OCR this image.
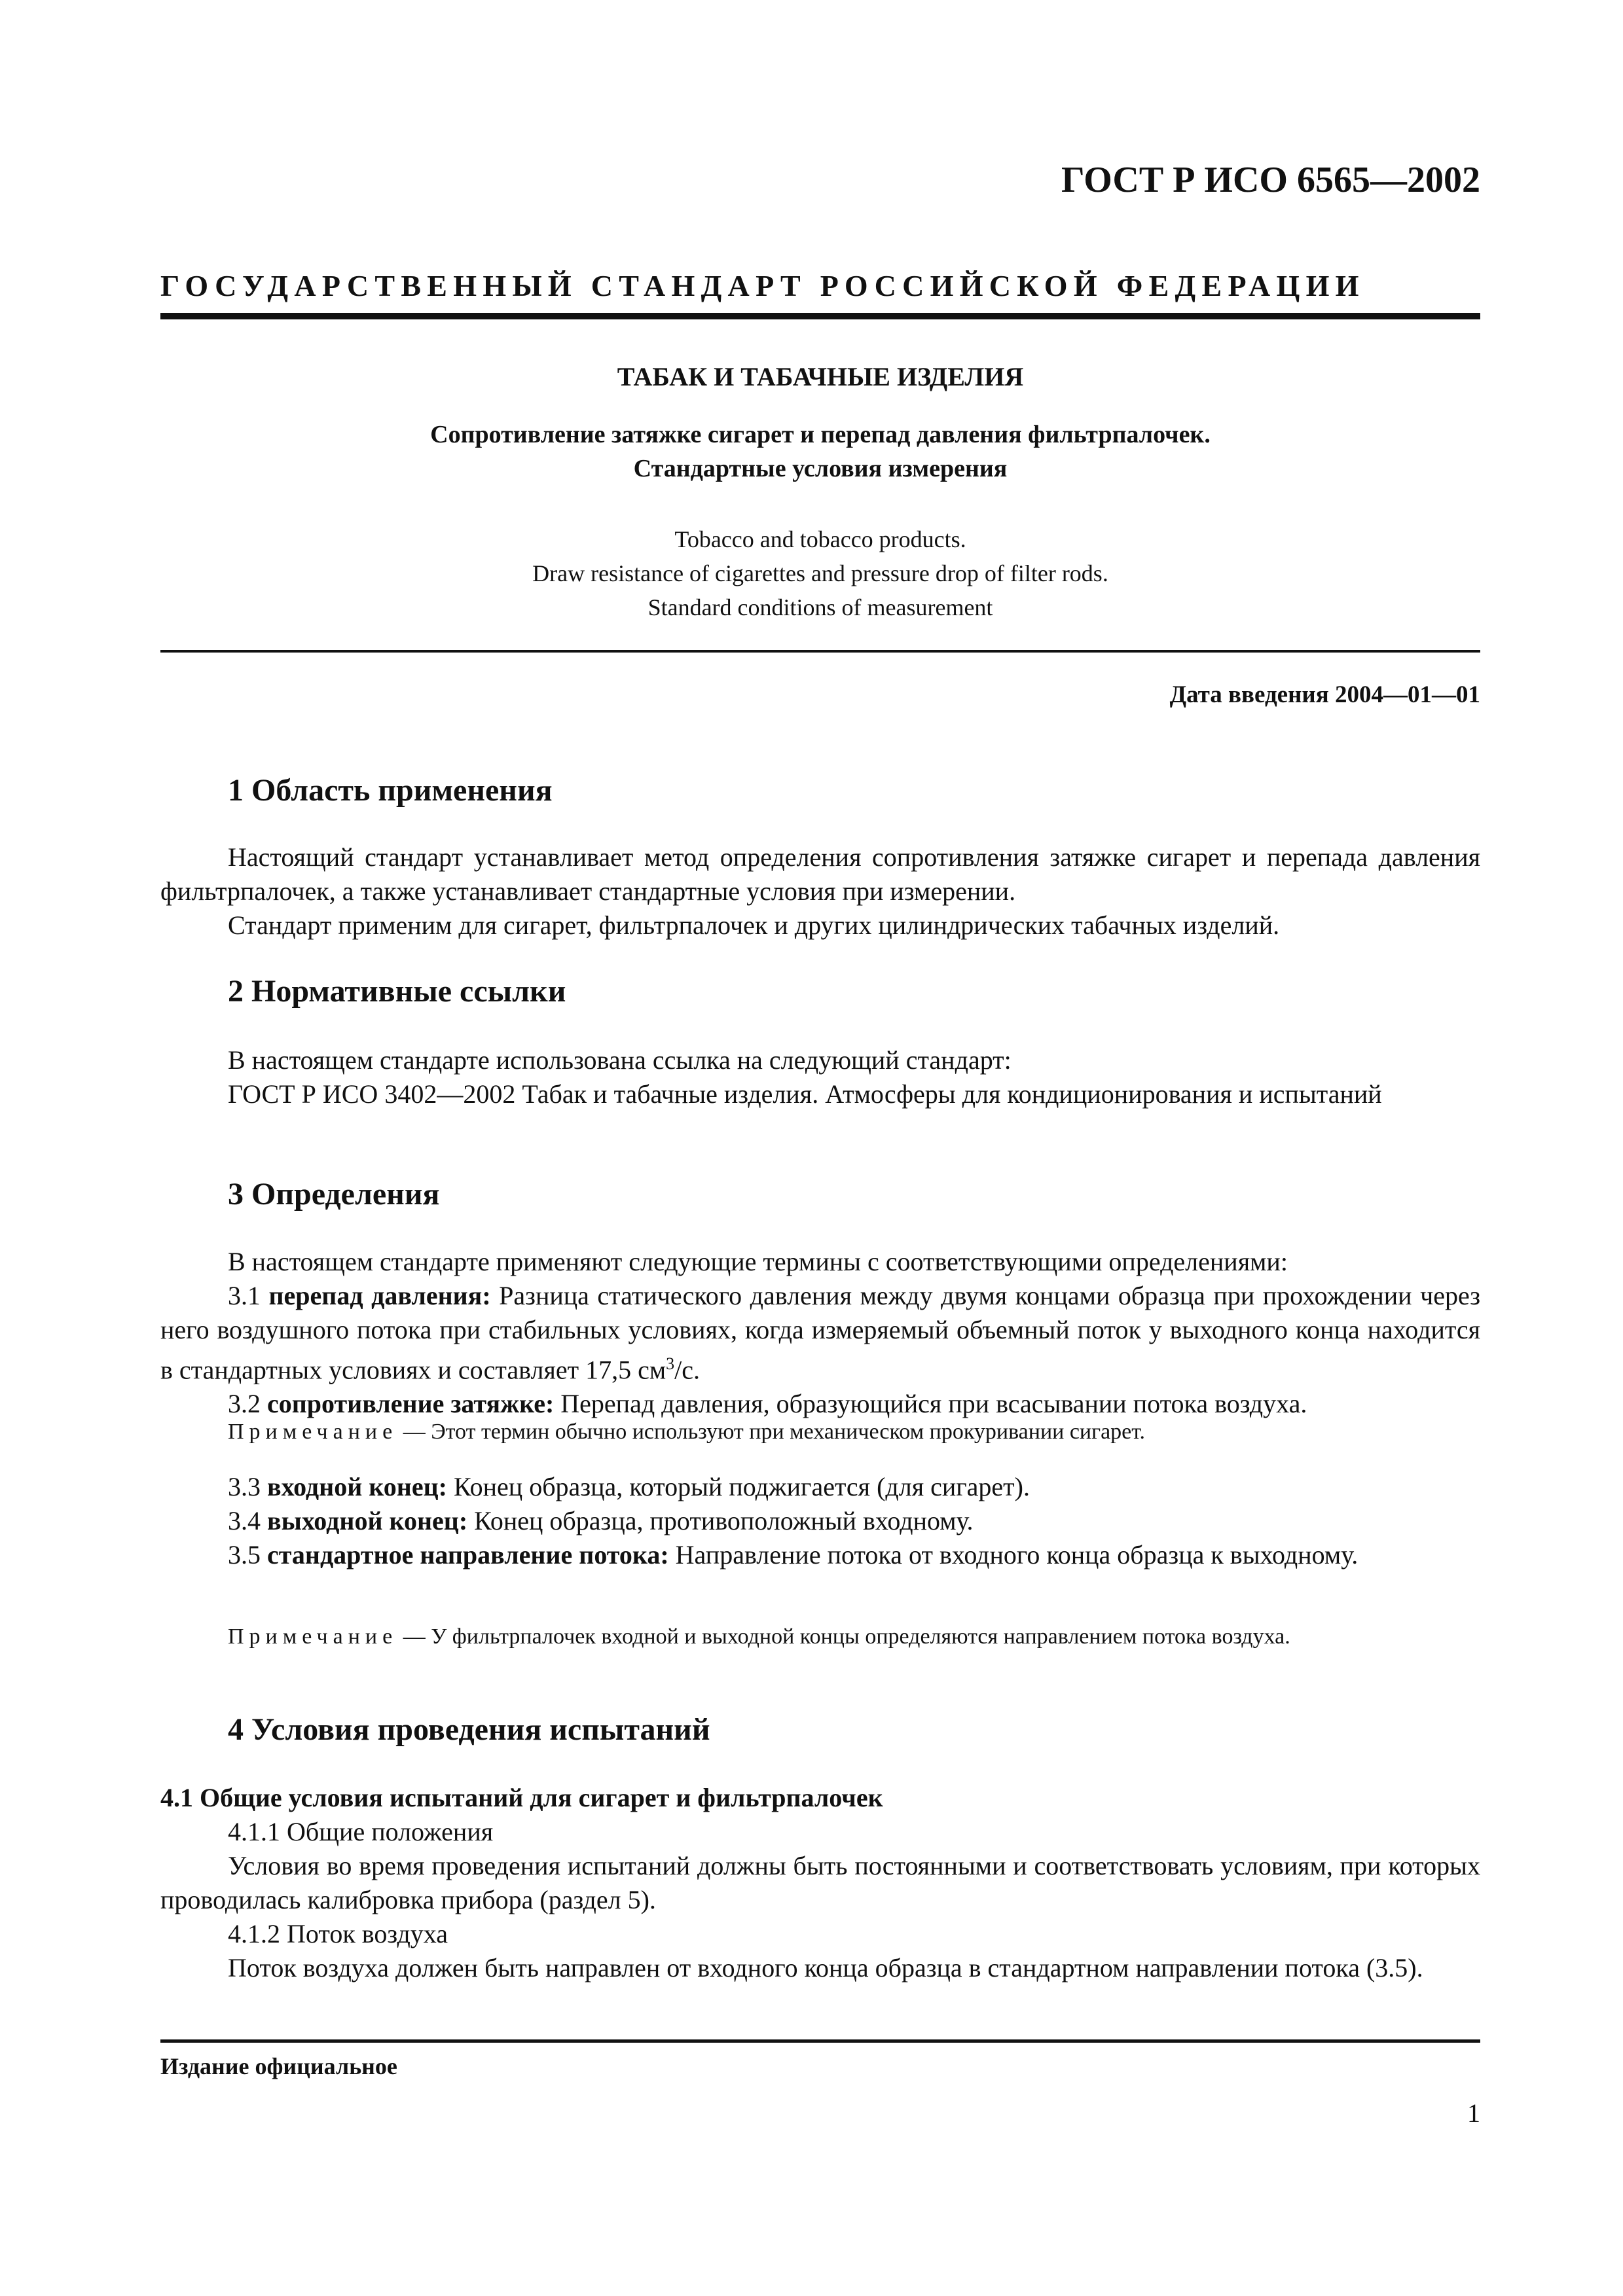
ГОСТ Р ИСО 6565—2002
ГОСУДАРСТВЕННЫЙ СТАНДАРТ РОССИЙСКОЙ ФЕДЕРАЦИИ
ТАБАК И ТАБАЧНЫЕ ИЗДЕЛИЯ
Сопротивление затяжке сигарет и перепад давления фильтрпалочек.
Стандартные условия измерения
Tobacco and tobacco products.
Draw resistance of cigarettes and pressure drop of filter rods.
Standard conditions of measurement
Дата введения 2004—01—01
1 Область применения

Настоящий стандарт устанавливает метод определения сопротивления затяжке сигарет и перепада давления фильтрпалочек, а также устанавливает стандартные условия при измерении.

Стандарт применим для сигарет, фильтрпалочек и других цилиндрических табачных изделий.

2 Нормативные ссылки

В настоящем стандарте использована ссылка на следующий стандарт:

ГОСТ Р ИСО 3402—2002 Табак и табачные изделия. Атмосферы для кондиционирования и испытаний

3 Определения

В настоящем стандарте применяют следующие термины с соответствующими определениями:

3.1 перепад давления: Разница статического давления между двумя концами образца при прохождении через него воздушного потока при стабильных условиях, когда измеряемый объемный поток у выходного конца находится в стандартных условиях и составляет 17,5 $см^3/с$.

3.2 сопротивление затяжке: Перепад давления, образующийся при всасывании потока воздуха.

Примечание — Этот термин обычно используют при механическом прокуривании сигарет.

3.3 входной конец: Конец образца, который поджигается (для сигарет).

3.4 выходной конец: Конец образца, противоположный входному.

3.5 стандартное направление потока: Направление потока от входного конца образца к выходному.

Примечание — У фильтрпалочек входной и выходной концы определяются направлением потока воздуха.

4 Условия проведения испытаний

4.1 Общие условия испытаний для сигарет и фильтрпалочек

4.1.1 Общие положения

Условия во время проведения испытаний должны быть постоянными и соответствовать условиям, при которых проводилась калибровка прибора (раздел 5).

4.1.2 Поток воздуха

Поток воздуха должен быть направлен от входного конца образца в стандартном направлении потока (3.5).

Издание официальное
1
